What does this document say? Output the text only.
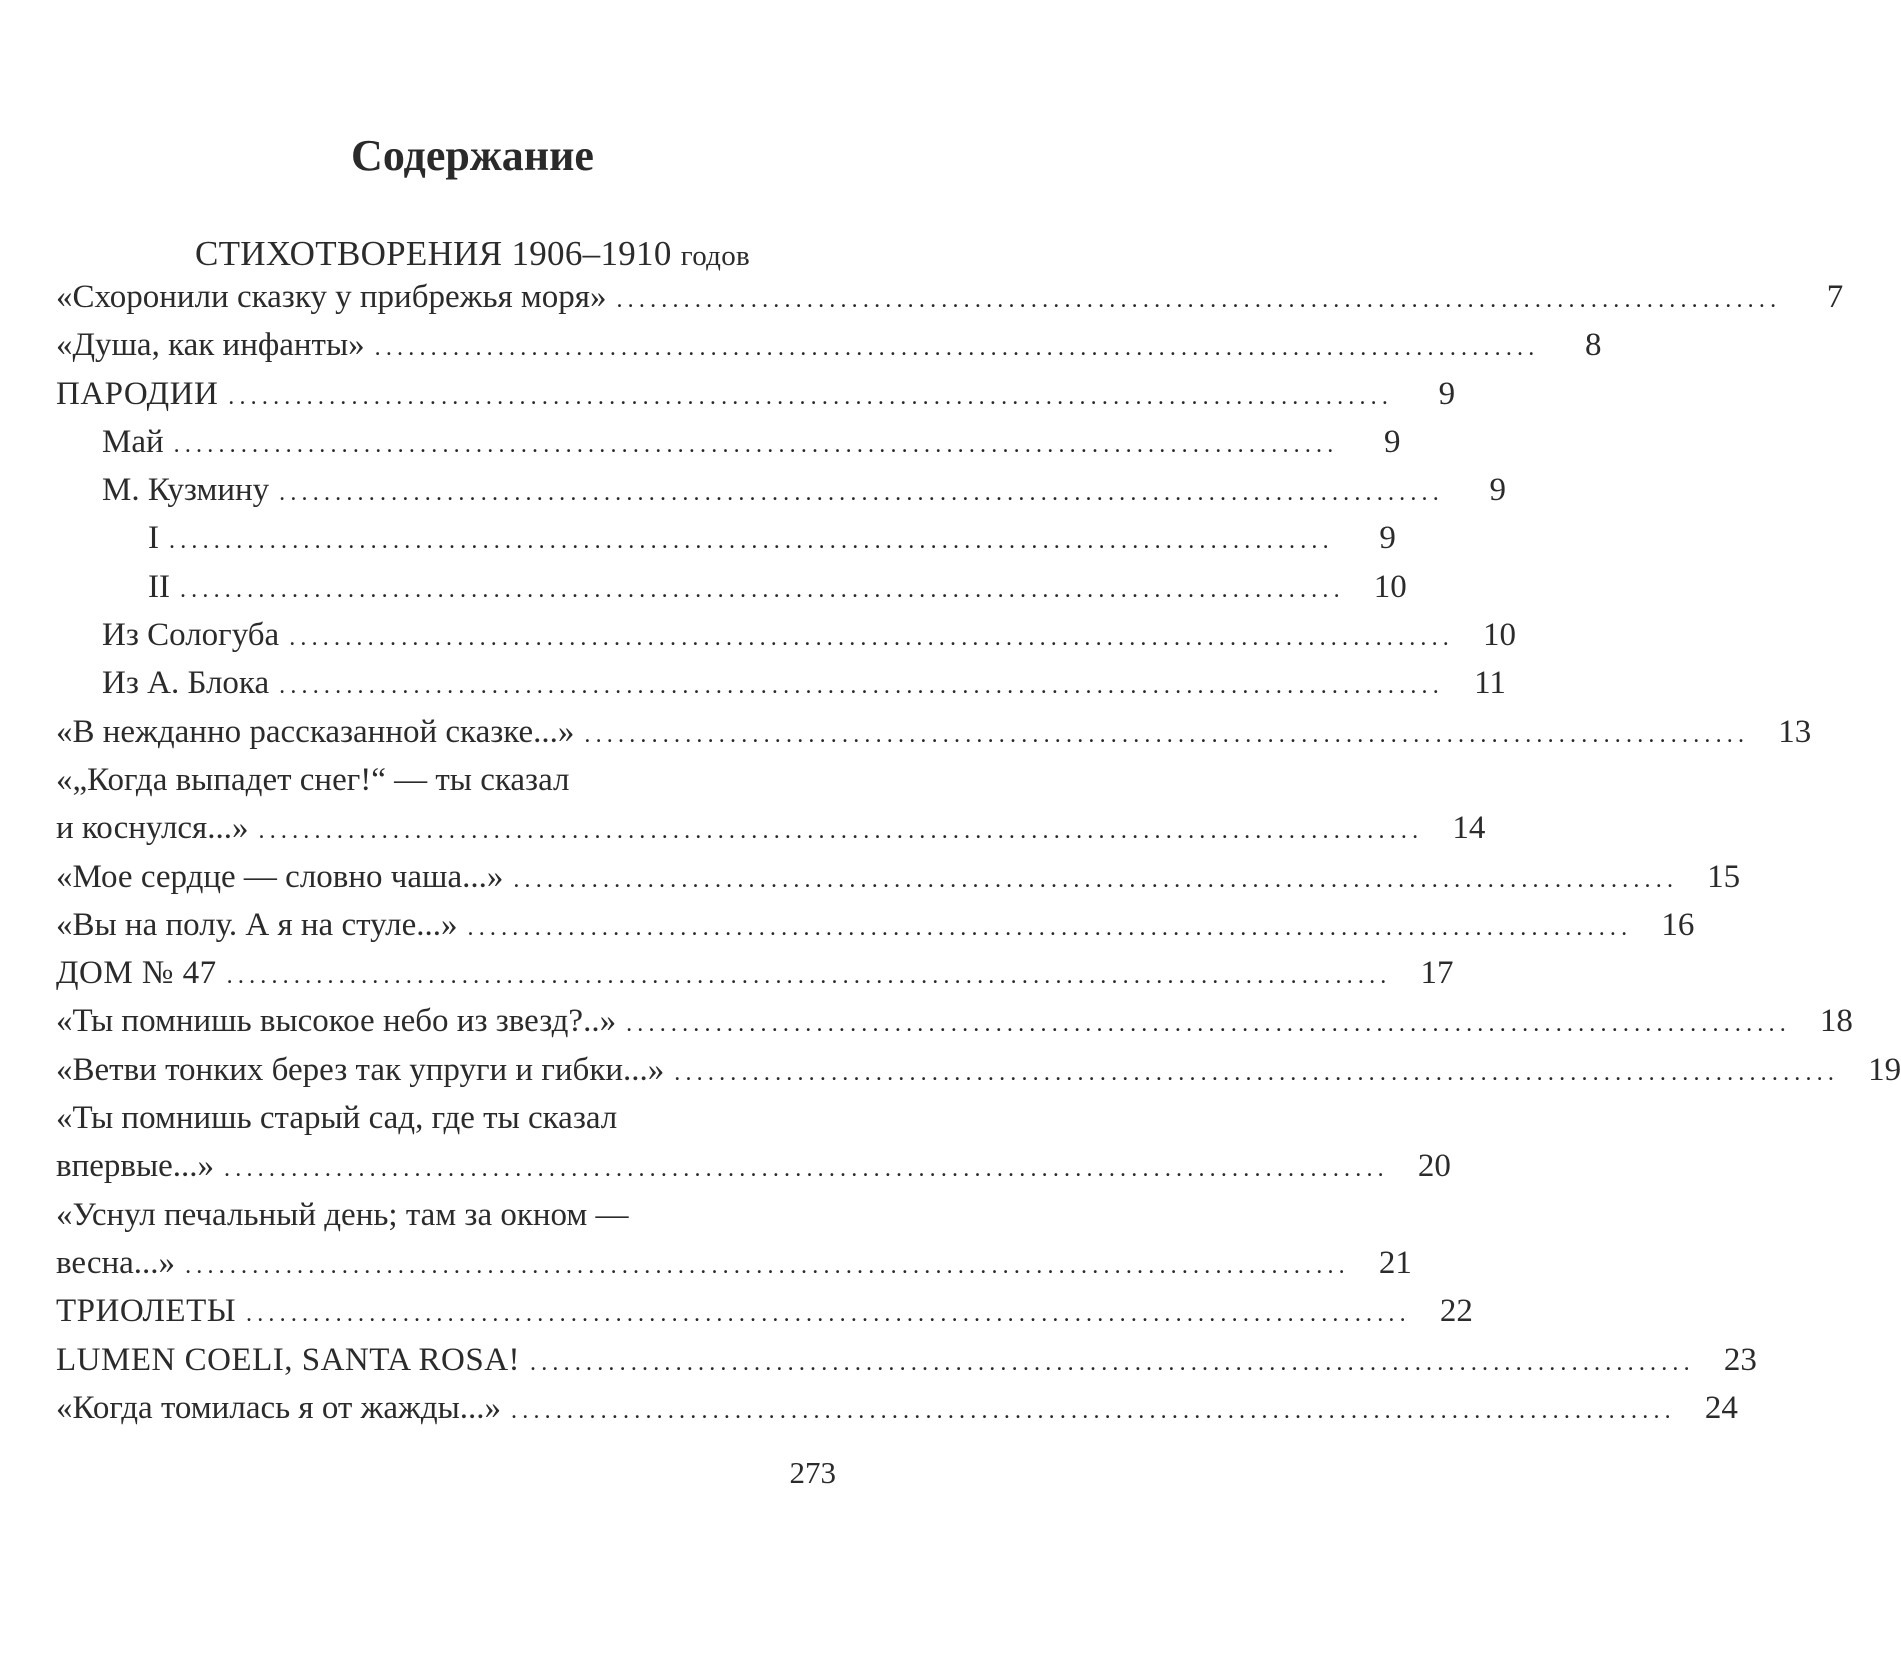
Содержание
СТИХОТВОРЕНИЯ 1906–1910 годов
«Схоронили сказку у прибрежья моря» ........................................................................................................	7
«Душа, как инфанты» ........................................................................................................	8
ПАРОДИИ ........................................................................................................	9
Май ........................................................................................................	9
М. Кузмину ........................................................................................................	9
I ........................................................................................................	9
II ........................................................................................................ 10
Из Сологуба ........................................................................................................ 10
Из А. Блока ........................................................................................................ 11
«В нежданно рассказанной сказке...» ........................................................................................................ 13
«„Когда выпадет снег!“ — ты сказал
и коснулся...» ........................................................................................................ 14
«Мое сердце — словно чаша...» ........................................................................................................ 15
«Вы на полу. А я на стуле...» ........................................................................................................ 16
ДОМ № 47 ........................................................................................................ 17
«Ты помнишь высокое небо из звезд?..» ........................................................................................................ 18
«Ветви тонких берез так упруги и гибки...» ........................................................................................................ 19
«Ты помнишь старый сад, где ты сказал
впервые...» ........................................................................................................ 20
«Уснул печальный день; там за окном —
весна...» ........................................................................................................ 21
ТРИОЛЕТЫ ........................................................................................................ 22
LUMEN COELI, SANTA ROSA! ........................................................................................................ 23
«Когда томилась я от жажды...» ........................................................................................................ 24
273
